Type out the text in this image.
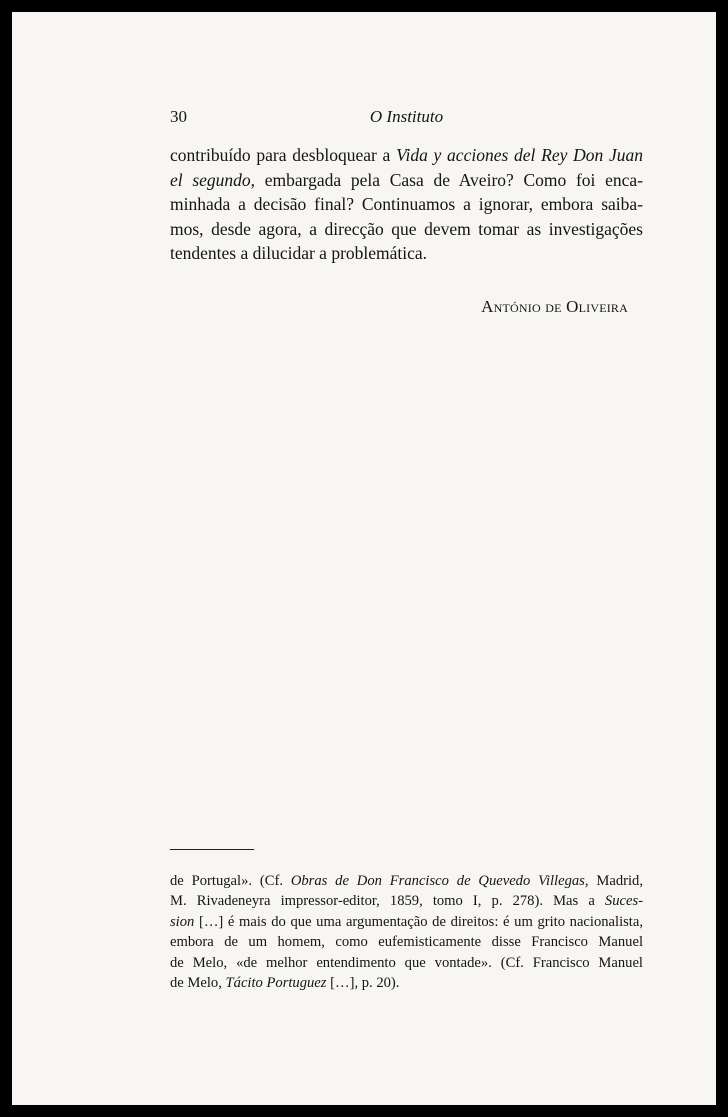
30	O Instituto
contribuído para desbloquear a Vida y acciones del Rey Don Juan
el segundo, embargada pela Casa de Aveiro? Como foi enca-
minhada a decisão final? Continuamos a ignorar, embora saiba-
mos, desde agora, a direcção que devem tomar as investigações
tendentes a dilucidar a problemática.
António de Oliveira
de Portugal». (Cf. Obras de Don Francisco de Quevedo Villegas, Madrid,
M. Rivadeneyra impressor-editor, 1859, tomo I, p. 278). Mas a Suces-
sion […] é mais do que uma argumentação de direitos: é um grito nacionalista,
embora de um homem, como eufemisticamente disse Francisco Manuel
de Melo, «de melhor entendimento que vontade». (Cf. Francisco Manuel
de Melo, Tácito Portuguez […], p. 20).
